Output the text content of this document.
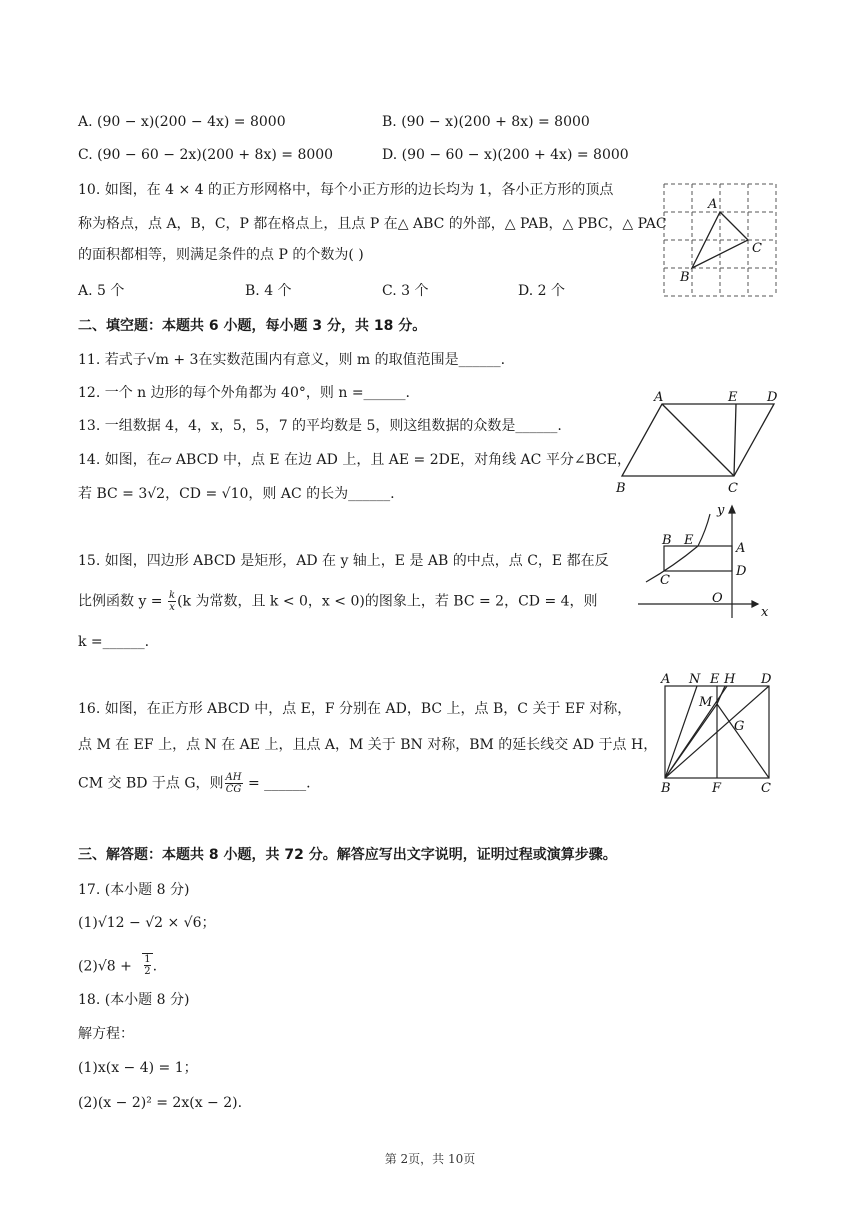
A. (90 − x)(200 − 4x) = 8000	B. (90 − x)(200 + 8x) = 8000
C. (90 − 60 − 2x)(200 + 8x) = 8000	D. (90 − 60 − x)(200 + 4x) = 8000
10. 如图，在 4 × 4 的正方形网格中，每个小正方形的边长均为 1，各小正方形的顶点
称为格点，点 A，B，C，P 都在格点上，且点 P 在△ ABC 的外部，△ PAB，△ PBC，△ PAC
的面积都相等，则满足条件的点 P 的个数为( )
A. 5 个	B. 4 个	C. 3 个	D. 2 个
A
C
B
二、填空题：本题共 6 小题，每小题 3 分，共 18 分。
11. 若式子√m + 3在实数范围内有意义，则 m 的取值范围是______.
12. 一个 n 边形的每个外角都为 40°，则 n =______.
13. 一组数据 4，4，x，5，5，7 的平均数是 5，则这组数据的众数是______.
14. 如图，在▱ ABCD 中，点 E 在边 AD 上，且 AE = 2DE，对角线 AC 平分∠BCE，
若 BC = 3√2，CD = √10，则 AC 的长为______.
A	E D
B	C
15. 如图，四边形 ABCD 是矩形，AD 在 y 轴上，E 是 AB 的中点，点 C，E 都在反
比例函数 $y = \frac{k}{x} (k$ 为常数，且 k < 0，x < 0)的图象上，若 BC = 2，CD = 4，则
k =______.
y
x
O
A
D
B E
C
16. 如图，在正方形 ABCD 中，点 E，F 分别在 AD，BC 上，点 B，C 关于 EF 对称，
点 M 在 EF 上，点 N 在 AE 上，且点 A，M 关于 BN 对称，BM 的延长线交 AD 于点 H，
CM 交 BD 于点 G，则 $\frac{AH}{CG}$ = ______.
A N E H D
M
G
B	F	C
三、解答题：本题共 8 小题，共 72 分。解答应写出文字说明，证明过程或演算步骤。
17. (本小题 8 分)
(1)√12 − √2 × √6；
$(2)√8 + \frac{1}{2}$ .
18. (本小题 8 分)
解方程：
(1)x(x − 4) = 1；
(2)(x − 2)² = 2x(x − 2).
第 2页，共 10页
